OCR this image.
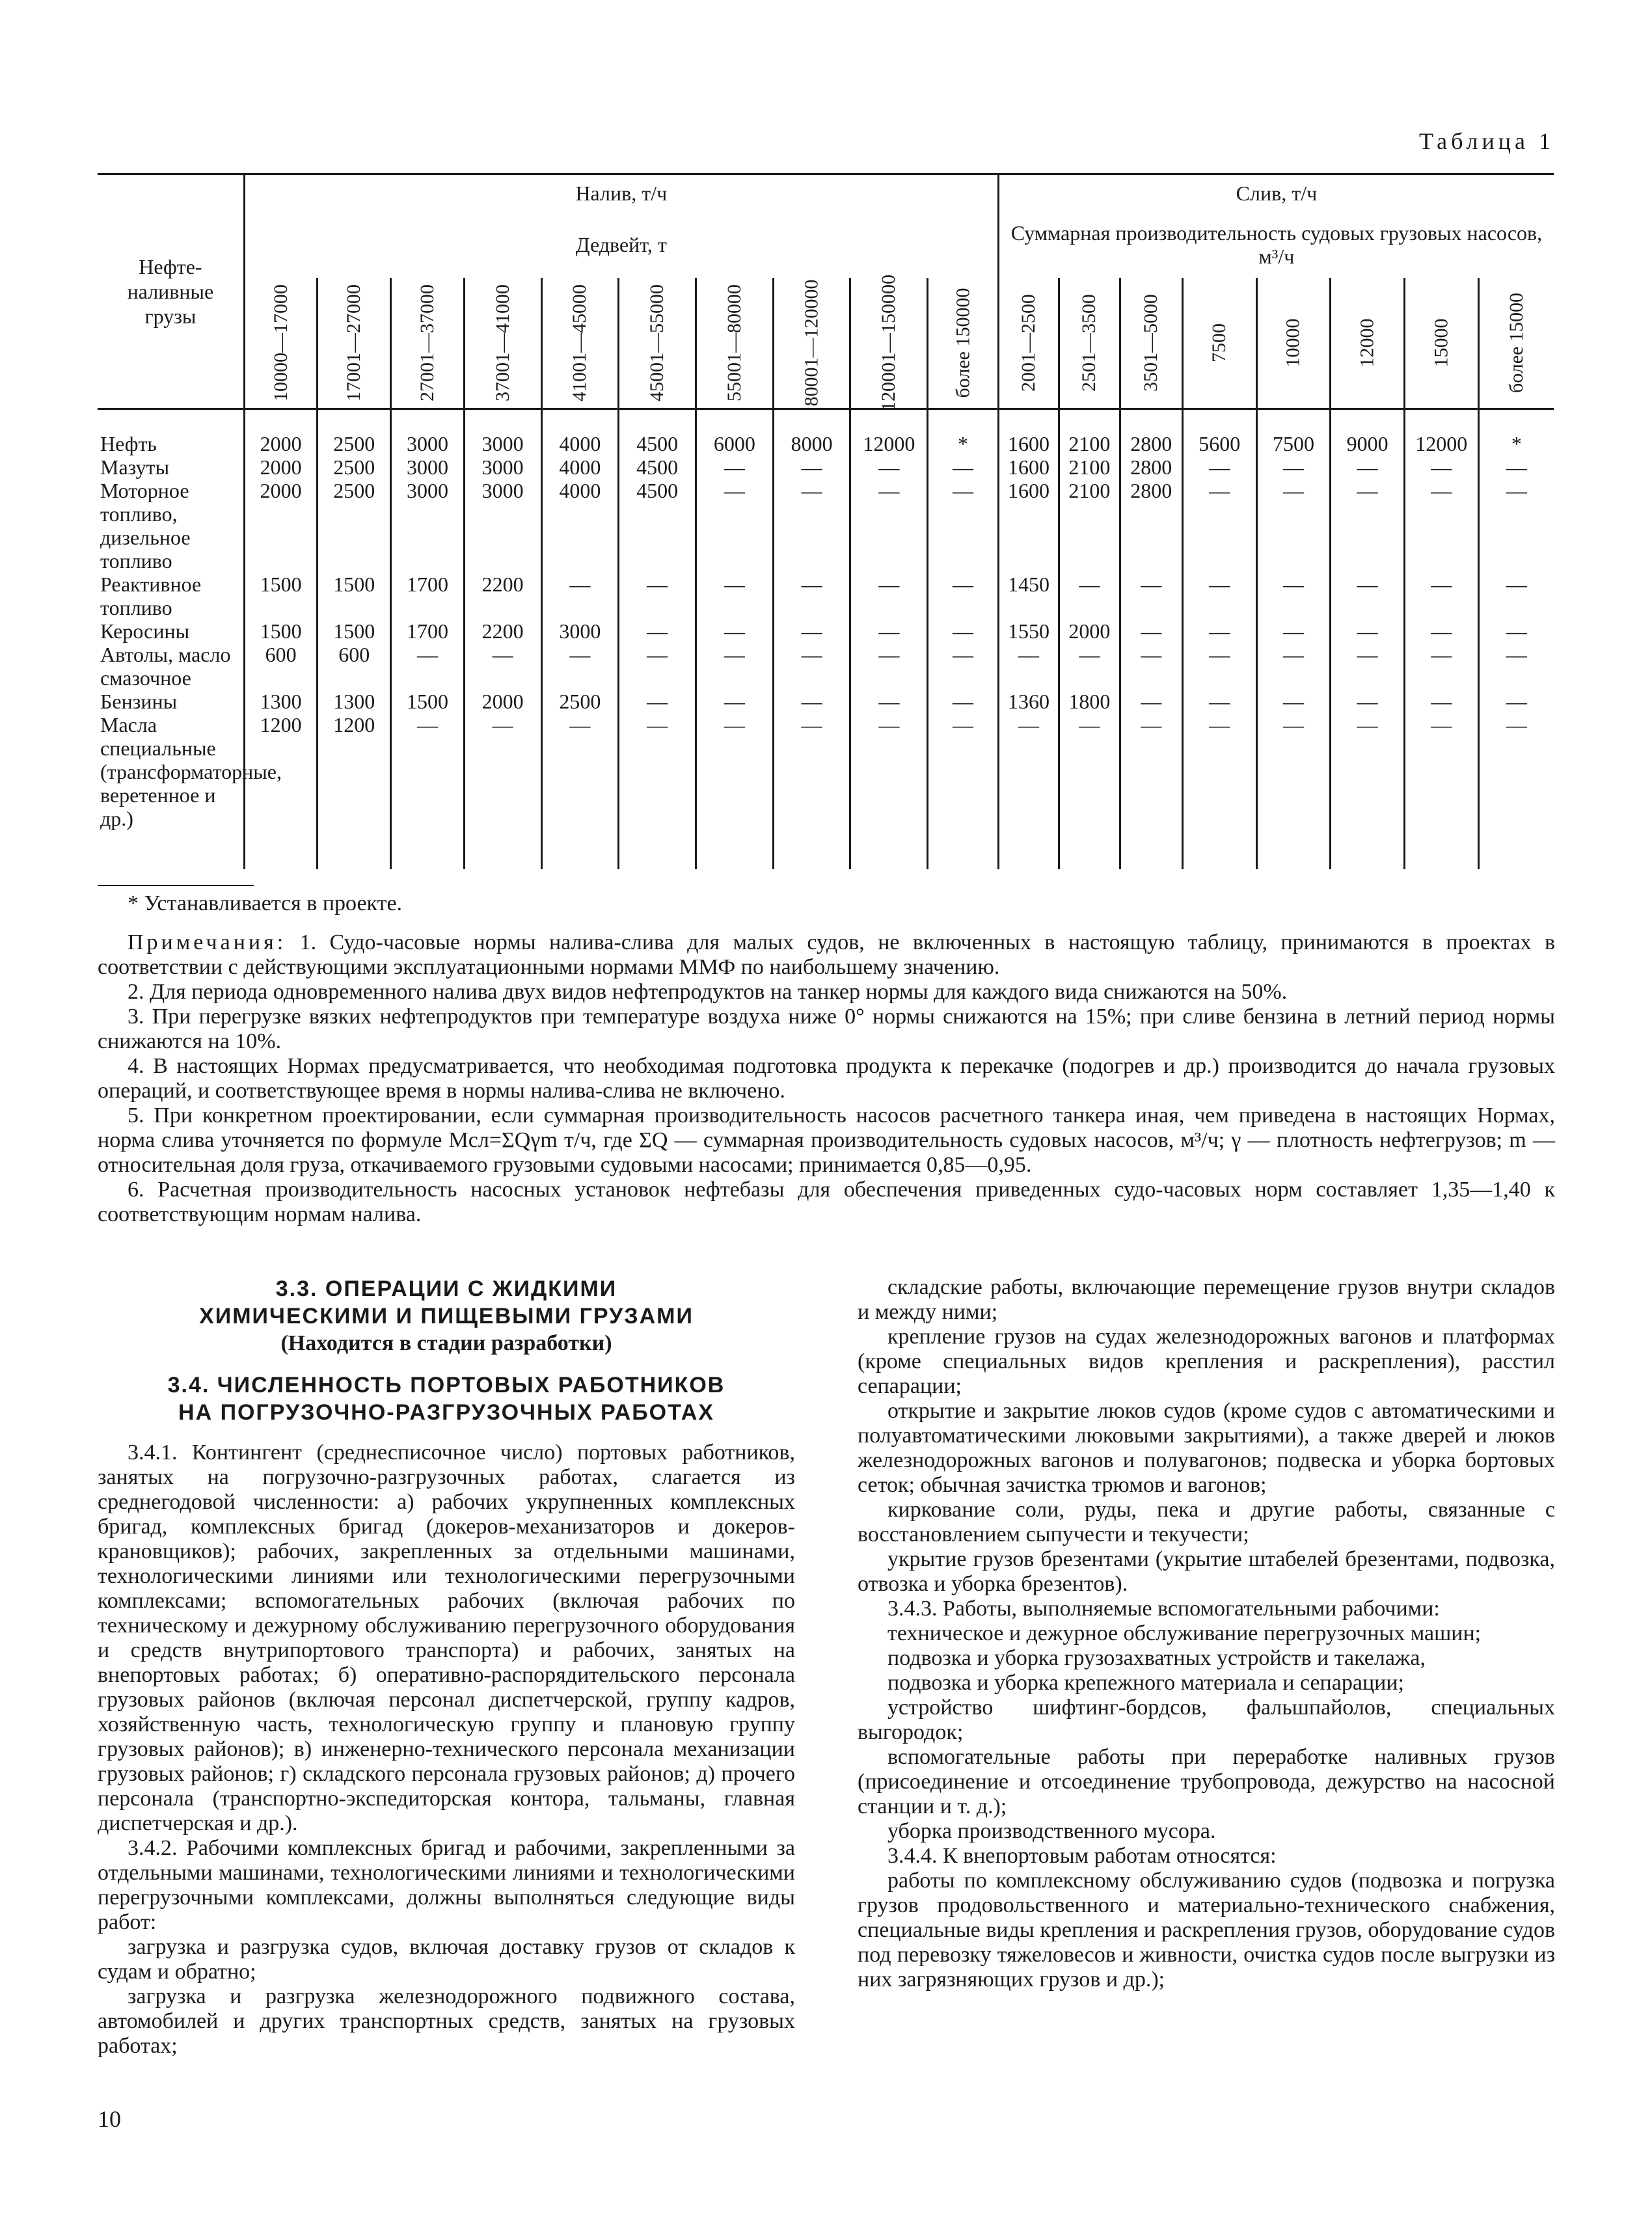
Таблица 1
Нефте-
наливные
грузы	Налив, т/ч										Слив, т/ч							
	Дедвейт, т										Суммарная производительность судовых грузовых насосов, м³/ч							

	10000—17000	17001—27000	27001—37000	37001—41000	41001—45000	45001—55000	55001—80000	80001—120000	120001—150000	более 150000	2001—2500	2501—3500	3501—5000	7500	10000	12000	15000	более 15000

Нефть	2000	2500	3000	3000	4000	4500	6000	8000	12000	*	1600	2100	2800	5600	7500	9000	12000	*
Мазуты	2000	2500	3000	3000	4000	4500	—	—	—	—	1600	2100	2800	—	—	—	—	—
Моторное топливо, дизельное топливо	2000	2500	3000	3000	4000	4500	—	—	—	—	1600	2100	2800	—	—	—	—	—
Реактивное топливо	1500	1500	1700	2200	—	—	—	—	—	—	1450	—	—	—	—	—	—	—
Керосины	1500	1500	1700	2200	3000	—	—	—	—	—	1550	2000	—	—	—	—	—	—
Автолы, масло смазочное	600	600	—	—	—	—	—	—	—	—	—	—	—	—	—	—	—	—
Бензины	1300	1300	1500	2000	2500	—	—	—	—	—	1360	1800	—	—	—	—	—	—
Масла специальные (трансформаторные, веретенное и др.)	1200	1200	—	—	—	—	—	—	—	—	—	—	—	—	—	—	—	—

* Устанавливается в проекте.

Примечания: 1. Судо-часовые нормы налива-слива для малых судов, не включенных в настоящую таблицу, принимаются в проектах в соответствии с действующими эксплуатационными нормами ММФ по наибольшему значению.

2. Для периода одновременного налива двух видов нефтепродуктов на танкер нормы для каждого вида снижаются на 50%.

3. При перегрузке вязких нефтепродуктов при температуре воздуха ниже 0° нормы снижаются на 15%; при сливе бензина в летний период нормы снижаются на 10%.

4. В настоящих Нормах предусматривается, что необходимая подготовка продукта к перекачке (подогрев и др.) производится до начала грузовых операций, и соответствующее время в нормы налива-слива не включено.

5. При конкретном проектировании, если суммарная производительность насосов расчетного танкера иная, чем приведена в настоящих Нормах, норма слива уточняется по формуле Мсл=ΣQγm т/ч, где ΣQ — суммарная производительность судовых насосов, м³/ч; γ — плотность нефтегрузов; m — относительная доля груза, откачиваемого грузовыми судовыми насосами; принимается 0,85—0,95.

6. Расчетная производительность насосных установок нефтебазы для обеспечения приведенных судо-часовых норм составляет 1,35—1,40 к соответствующим нормам налива.

3.3. ОПЕРАЦИИ С ЖИДКИМИ
ХИМИЧЕСКИМИ И ПИЩЕВЫМИ ГРУЗАМИ
(Находится в стадии разработки)
3.4. ЧИСЛЕННОСТЬ ПОРТОВЫХ РАБОТНИКОВ
НА ПОГРУЗОЧНО-РАЗГРУЗОЧНЫХ РАБОТАХ

3.4.1. Контингент (среднесписочное число) портовых работников, занятых на погрузочно-разгрузочных работах, слагается из среднегодовой численности: а) рабочих укрупненных комплексных бригад, комплексных бригад (докеров-механизаторов и докеров-крановщиков); рабочих, закрепленных за отдельными машинами, технологическими линиями или технологическими перегрузочными комплексами; вспомогательных рабочих (включая рабочих по техническому и дежурному обслуживанию перегрузочного оборудования и средств внутрипортового транспорта) и рабочих, занятых на внепортовых работах; б) оперативно-распорядительского персонала грузовых районов (включая персонал диспетчерской, группу кадров, хозяйственную часть, технологическую группу и плановую группу грузовых районов); в) инженерно-технического персонала механизации грузовых районов; г) складского персонала грузовых районов; д) прочего персонала (транспортно-экспедиторская контора, тальманы, главная диспетчерская и др.).

3.4.2. Рабочими комплексных бригад и рабочими, закрепленными за отдельными машинами, технологическими линиями и технологическими перегрузочными комплексами, должны выполняться следующие виды работ:

загрузка и разгрузка судов, включая доставку грузов от складов к судам и обратно;

загрузка и разгрузка железнодорожного подвижного состава, автомобилей и других транспортных средств, занятых на грузовых работах;

складские работы, включающие перемещение грузов внутри складов и между ними;

крепление грузов на судах железнодорожных вагонов и платформах (кроме специальных видов крепления и раскрепления), расстил сепарации;

открытие и закрытие люков судов (кроме судов с автоматическими и полуавтоматическими люковыми закрытиями), а также дверей и люков железнодорожных вагонов и полувагонов; подвеска и уборка бортовых сеток; обычная зачистка трюмов и вагонов;

киркование соли, руды, пека и другие работы, связанные с восстановлением сыпучести и текучести;

укрытие грузов брезентами (укрытие штабелей брезентами, подвозка, отвозка и уборка брезентов).

3.4.3. Работы, выполняемые вспомогательными рабочими:

техническое и дежурное обслуживание перегрузочных машин;

подвозка и уборка грузозахватных устройств и такелажа,

подвозка и уборка крепежного материала и сепарации;

устройство шифтинг-бордсов, фальшпайолов, специальных выгородок;

вспомогательные работы при переработке наливных грузов (присоединение и отсоединение трубопровода, дежурство на насосной станции и т. д.);

уборка производственного мусора.

3.4.4. К внепортовым работам относятся:

работы по комплексному обслуживанию судов (подвозка и погрузка грузов продовольственного и материально-технического снабжения, специальные виды крепления и раскрепления грузов, оборудование судов под перевозку тяжеловесов и живности, очистка судов после выгрузки из них загрязняющих грузов и др.);

10
